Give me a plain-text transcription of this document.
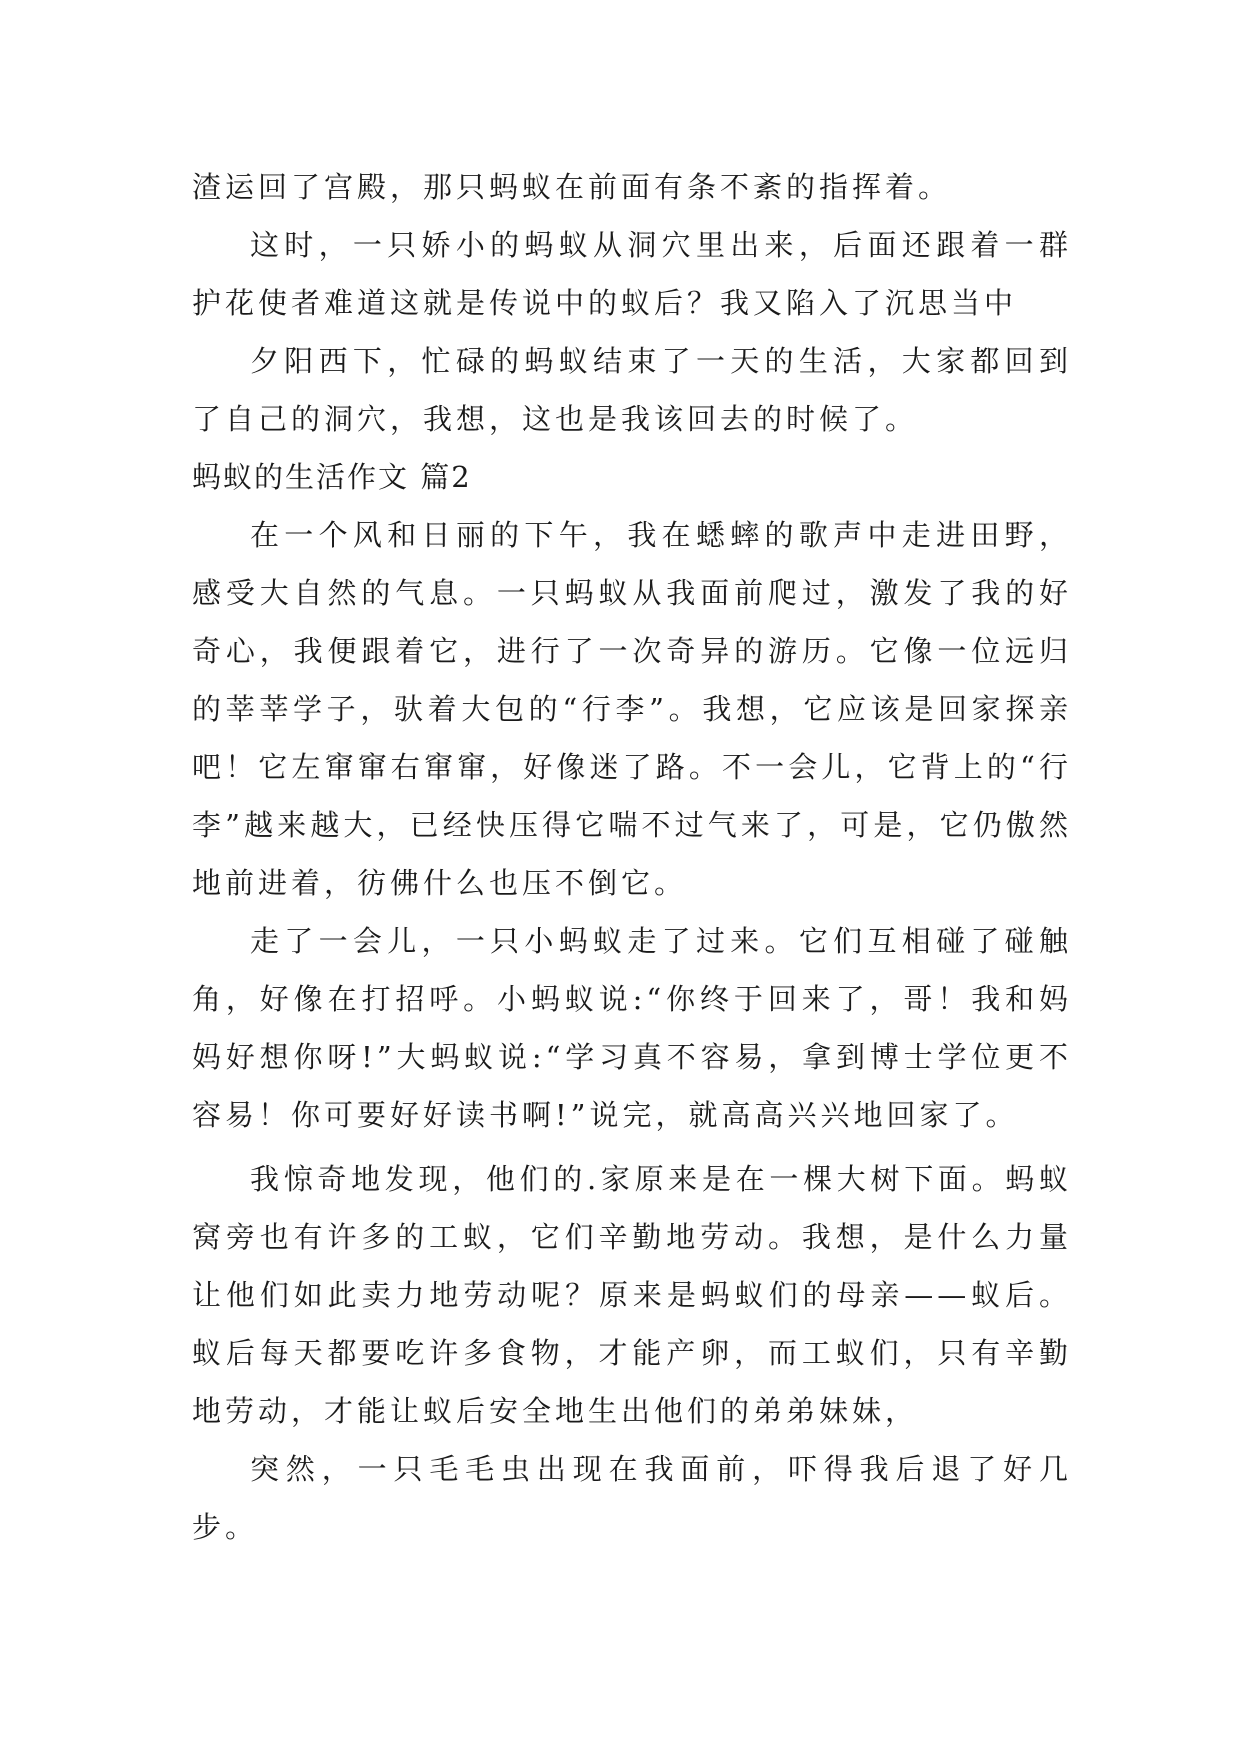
渣运回了宫殿，那只蚂蚁在前面有条不紊的指挥着。

这时，一只娇小的蚂蚁从洞穴里出来，后面还跟着一群护花使者难道这就是传说中的蚁后？我又陷入了沉思当中

夕阳西下，忙碌的蚂蚁结束了一天的生活，大家都回到了自己的洞穴，我想，这也是我该回去的时候了。

蚂蚁的生活作文 篇2

在一个风和日丽的下午，我在蟋蟀的歌声中走进田野，感受大自然的气息。一只蚂蚁从我面前爬过，激发了我的好奇心，我便跟着它，进行了一次奇异的游历。它像一位远归的莘莘学子，驮着大包的“行李”。我想，它应该是回家探亲吧！它左窜窜右窜窜，好像迷了路。不一会儿，它背上的“行李”越来越大，已经快压得它喘不过气来了，可是，它仍傲然地前进着，彷佛什么也压不倒它。

走了一会儿，一只小蚂蚁走了过来。它们互相碰了碰触角，好像在打招呼。小蚂蚁说:“你终于回来了，哥！我和妈妈好想你呀!”大蚂蚁说:“学习真不容易，拿到博士学位更不容易！你可要好好读书啊!”说完，就高高兴兴地回家了。

我惊奇地发现，他们的.家原来是在一棵大树下面。蚂蚁窝旁也有许多的工蚁，它们辛勤地劳动。我想，是什么力量让他们如此卖力地劳动呢？原来是蚂蚁们的母亲——蚁后。蚁后每天都要吃许多食物，才能产卵，而工蚁们，只有辛勤地劳动，才能让蚁后安全地生出他们的弟弟妹妹，

突然，一只毛毛虫出现在我面前，吓得我后退了好几步。
